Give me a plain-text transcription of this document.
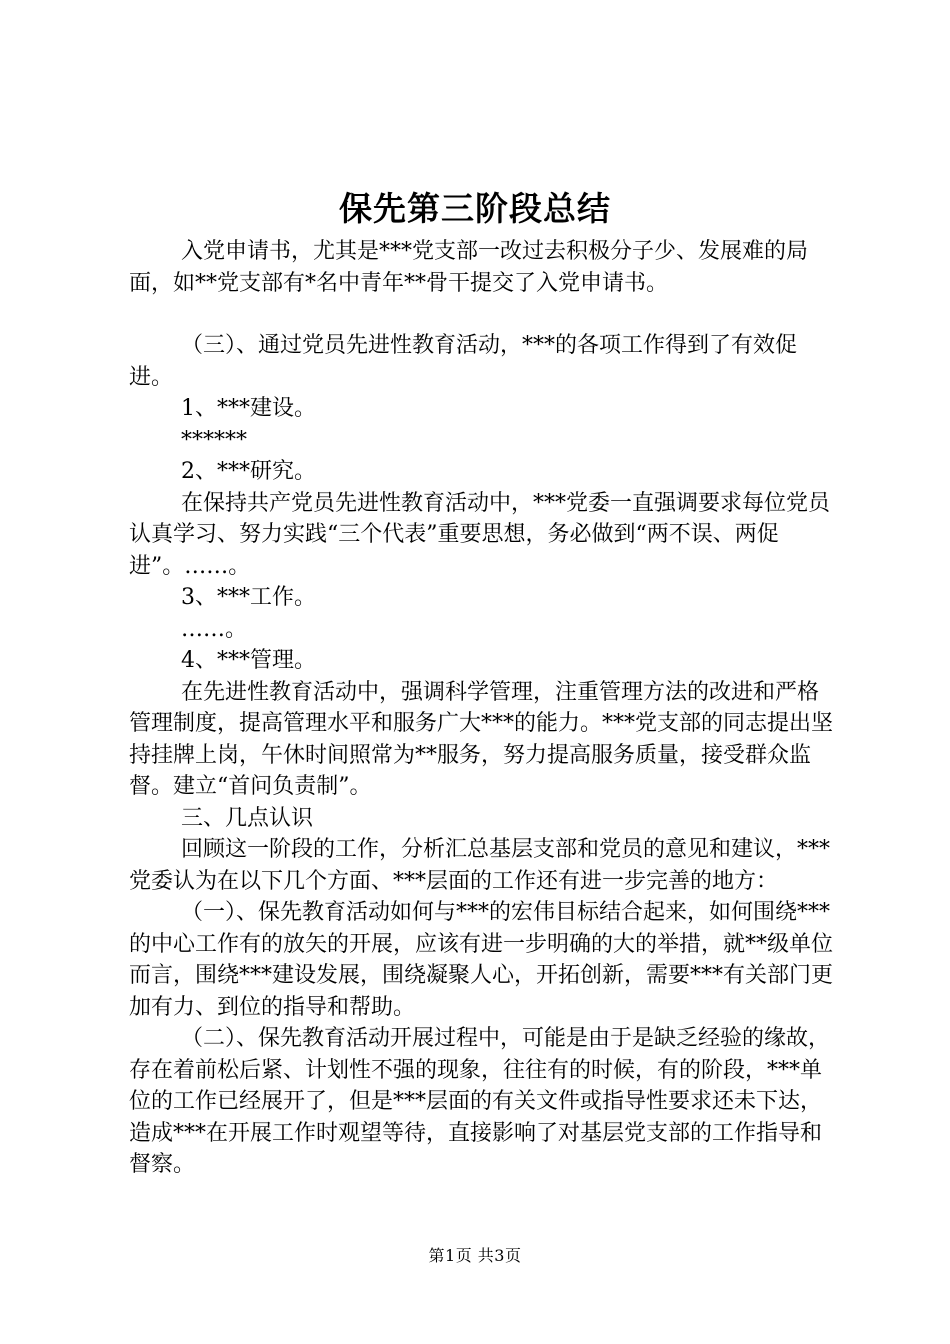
保先第三阶段总结

入党申请书，尤其是***党支部一改过去积极分子少、发展难的局面，如**党支部有*名中青年**骨干提交了入党申请书。

（三）、通过党员先进性教育活动，***的各项工作得到了有效促进。

1、***建设。

******

2、***研究。

在保持共产党员先进性教育活动中，***党委一直强调要求每位党员认真学习、努力实践“三个代表”重要思想，务必做到“两不误、两促进”。……。

3、***工作。

……。

4、***管理。

在先进性教育活动中，强调科学管理，注重管理方法的改进和严格管理制度，提高管理水平和服务广大***的能力。***党支部的同志提出坚持挂牌上岗，午休时间照常为**服务，努力提高服务质量，接受群众监督。建立“首问负责制”。

三、几点认识

回顾这一阶段的工作，分析汇总基层支部和党员的意见和建议，***党委认为在以下几个方面、***层面的工作还有进一步完善的地方：

（一）、保先教育活动如何与***的宏伟目标结合起来，如何围绕***的中心工作有的放矢的开展，应该有进一步明确的大的举措，就**级单位而言，围绕***建设发展，围绕凝聚人心，开拓创新，需要***有关部门更加有力、到位的指导和帮助。

（二）、保先教育活动开展过程中，可能是由于是缺乏经验的缘故，存在着前松后紧、计划性不强的现象，往往有的时候，有的阶段，***单位的工作已经展开了，但是***层面的有关文件或指导性要求还未下达，造成***在开展工作时观望等待，直接影响了对基层党支部的工作指导和督察。

第1页 共3页
